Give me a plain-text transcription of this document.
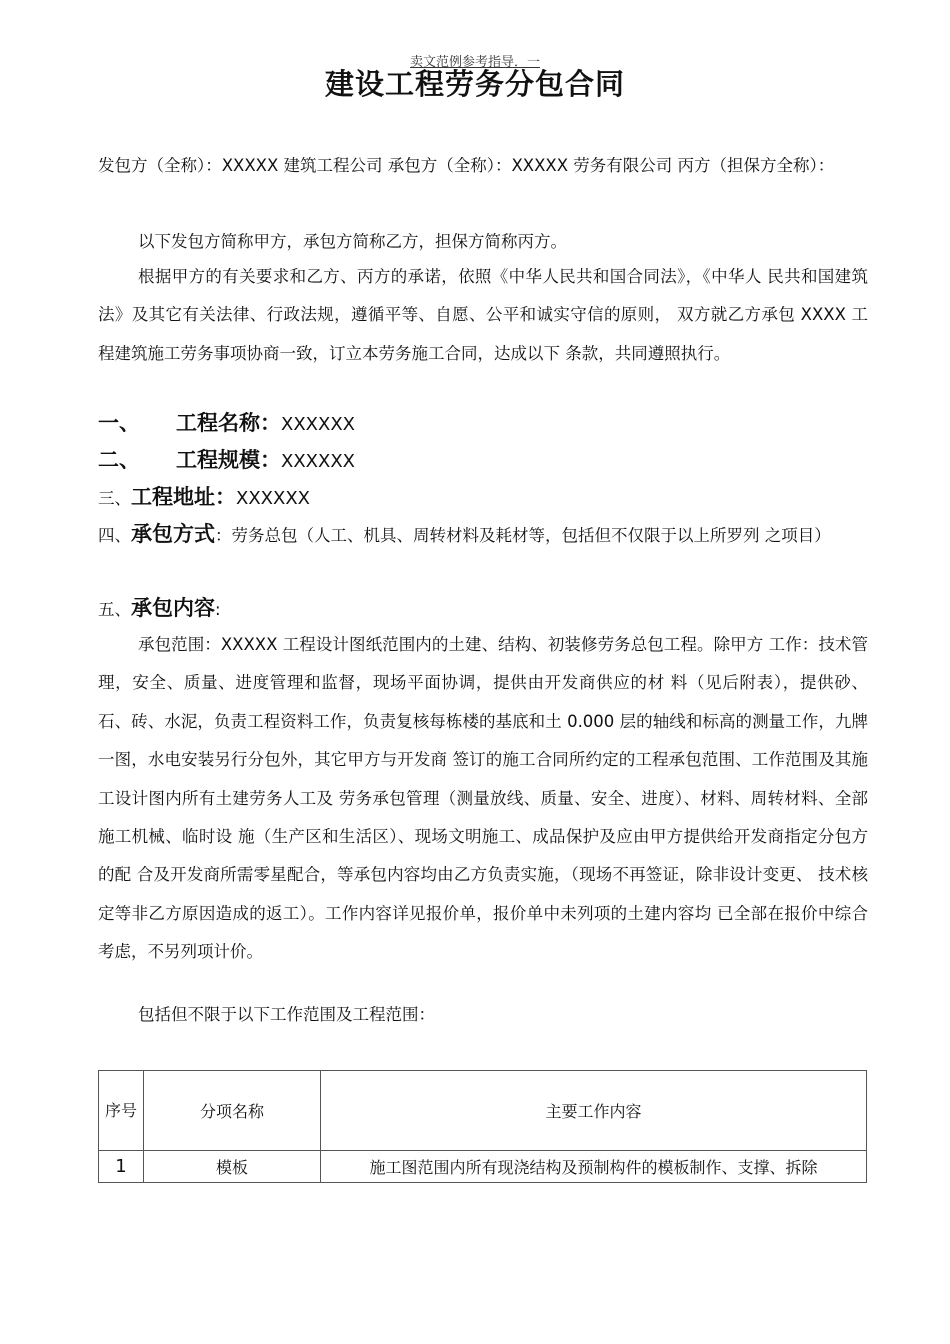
卖文范例参考指导．一
建设工程劳务分包合同

发包方（全称）：XXXXX 建筑工程公司 承包方（全称）：XXXXX 劳务有限公司 丙方（担保方全称）：

以下发包方简称甲方，承包方简称乙方，担保方简称丙方。

根据甲方的有关要求和乙方、丙方的承诺，依照《中华人民共和国合同法》，《中华人 民共和国建筑法》及其它有关法律、行政法规，遵循平等、自愿、公平和诚实守信的原则， 双方就乙方承包 XXXX 工程建筑施工劳务事项协商一致，订立本劳务施工合同，达成以下 条款，共同遵照执行。

一、 工程名称：XXXXXX

二、 工程规模：XXXXXX

三、工程地址：XXXXXX

四、承包方式：劳务总包（人工、机具、周转材料及耗材等，包括但不仅限于以上所罗列 之项目）

五、承包内容:

承包范围：XXXXX 工程设计图纸范围内的土建、结构、初装修劳务总包工程。除甲方 工作：技术管理，安全、质量、进度管理和监督，现场平面协调，提供由开发商供应的材 料（见后附表），提供砂、石、砖、水泥，负责工程资料工作，负责复核每栋楼的基底和土 0.000 层的轴线和标高的测量工作，九牌一图，水电安装另行分包外，其它甲方与开发商 签订的施工合同所约定的工程承包范围、工作范围及其施工设计图内所有土建劳务人工及 劳务承包管理（测量放线、质量、安全、进度）、材料、周转材料、全部施工机械、临时设 施（生产区和生活区）、现场文明施工、成品保护及应由甲方提供给开发商指定分包方的配 合及开发商所需零星配合，等承包内容均由乙方负责实施，（现场不再签证，除非设计变更、 技术核定等非乙方原因造成的返工）。工作内容详见报价单，报价单中未列项的土建内容均 已全部在报价中综合考虑，不另列项计价。

包括但不限于以下工作范围及工程范围：

序号	分项名称	主要工作内容
1	模板	施工图范围内所有现浇结构及预制构件的模板制作、支撑、拆除
